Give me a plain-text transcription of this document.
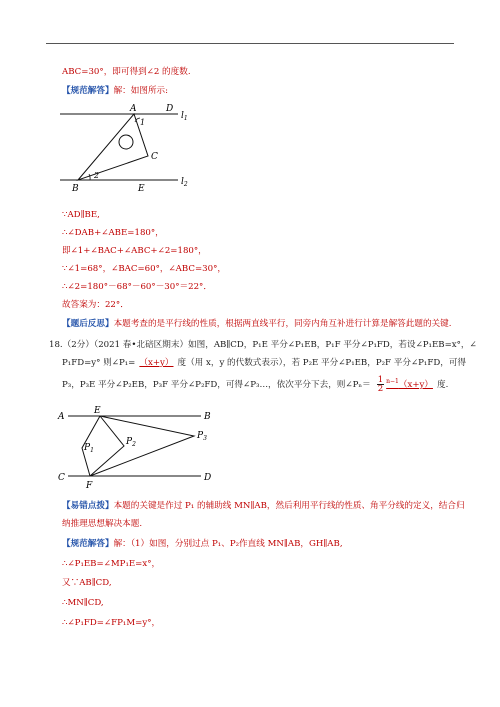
ABC=30°，即可得到∠2 的度数.
【规范解答】解：如图所示:
A	D
$l_1$
1
C
B
2
E
$l_2$
∵AD∥BE,
∴∠DAB+∠ABE=180°，
即∠1+∠BAC+∠ABC+∠2=180°，
∵∠1=68°，∠BAC=60°，∠ABC=30°，
∴∠2=180°－68°－60°－30°＝22°．
故答案为：22°．
【题后反思】本题考查的是平行线的性质，根据两直线平行，同旁内角互补进行计算是解答此题的关键.
18.（2分）（2021 春•北碚区期末）如图，AB∥CD，P₁E 平分∠P₁EB，P₁F 平分∠P₁FD，若设∠P₁EB=x°，∠
P₁FD=y° 则∠P₁= （x+y） 度（用 x，y 的代数式表示），若 P₂E 平分∠P₁EB，P₂F 平分∠P₁FD，可得
P₃，P₃E 平分∠P₂EB，P₃F 平分∠P₂FD，可得∠P₃…，依次平分下去，则∠Pₙ＝ $\frac{1}{2} ^{n-1}(x+y)$ 度.
A
E
B
$P_1$
$P_2$
$P_3$
C
F
D
【易错点拨】本题的关键是作过 P₁ 的辅助线 MN∥AB，然后利用平行线的性质、角平分线的定义，结合归
纳推理思想解决本题.
【规范解答】解：（1）如图，分别过点 P₁、P₂作直线 MN∥AB，GH∥AB,
∴∠P₁EB=∠MP₁E=x°，
又∵AB∥CD,
∴MN∥CD,
∴∠P₁FD=∠FP₁M=y°，
